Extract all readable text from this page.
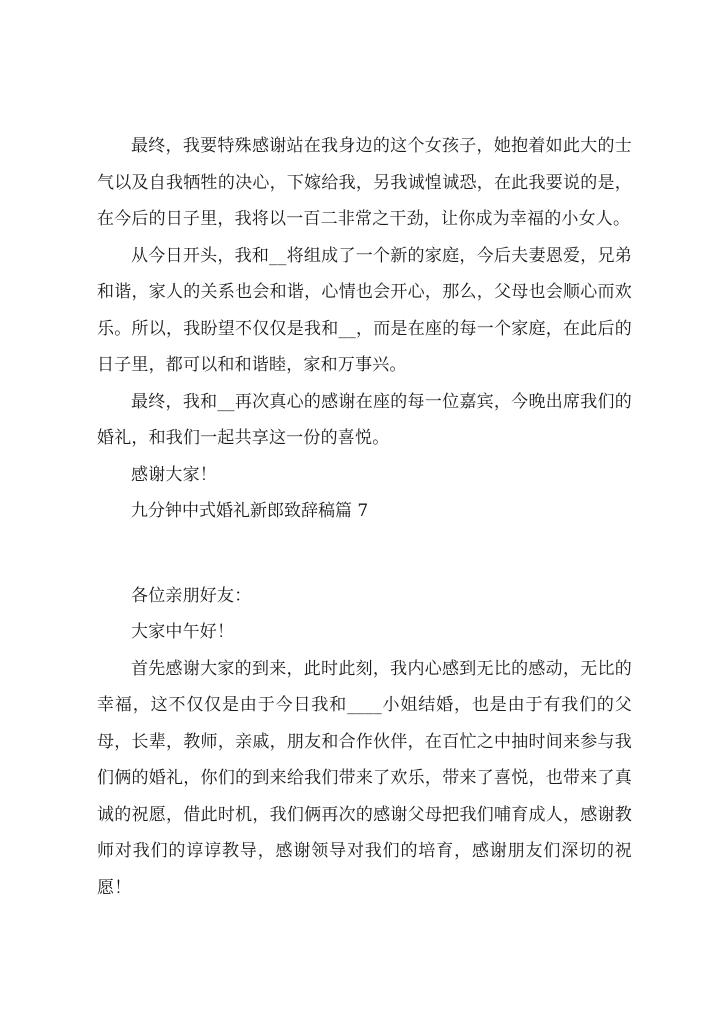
最终，我要特殊感谢站在我身边的这个女孩子，她抱着如此大的士气以及自我牺牲的决心，下嫁给我，另我诚惶诚恐，在此我要说的是，在今后的日子里，我将以一百二非常之干劲，让你成为幸福的小女人。

从今日开头，我和__将组成了一个新的家庭，今后夫妻恩爱，兄弟和谐，家人的关系也会和谐，心情也会开心，那么，父母也会顺心而欢乐。所以，我盼望不仅仅是我和__，而是在座的每一个家庭，在此后的日子里，都可以和和谐睦，家和万事兴。

最终，我和__再次真心的感谢在座的每一位嘉宾，今晚出席我们的婚礼，和我们一起共享这一份的喜悦。

感谢大家！

九分钟中式婚礼新郎致辞稿篇 7

各位亲朋好友：

大家中午好！

首先感谢大家的到来，此时此刻，我内心感到无比的感动，无比的幸福，这不仅仅是由于今日我和____小姐结婚，也是由于有我们的父母，长辈，教师，亲戚，朋友和合作伙伴，在百忙之中抽时间来参与我们俩的婚礼，你们的到来给我们带来了欢乐，带来了喜悦，也带来了真诚的祝愿，借此时机，我们俩再次的感谢父母把我们哺育成人，感谢教师对我们的谆谆教导，感谢领导对我们的培育，感谢朋友们深切的祝愿！
